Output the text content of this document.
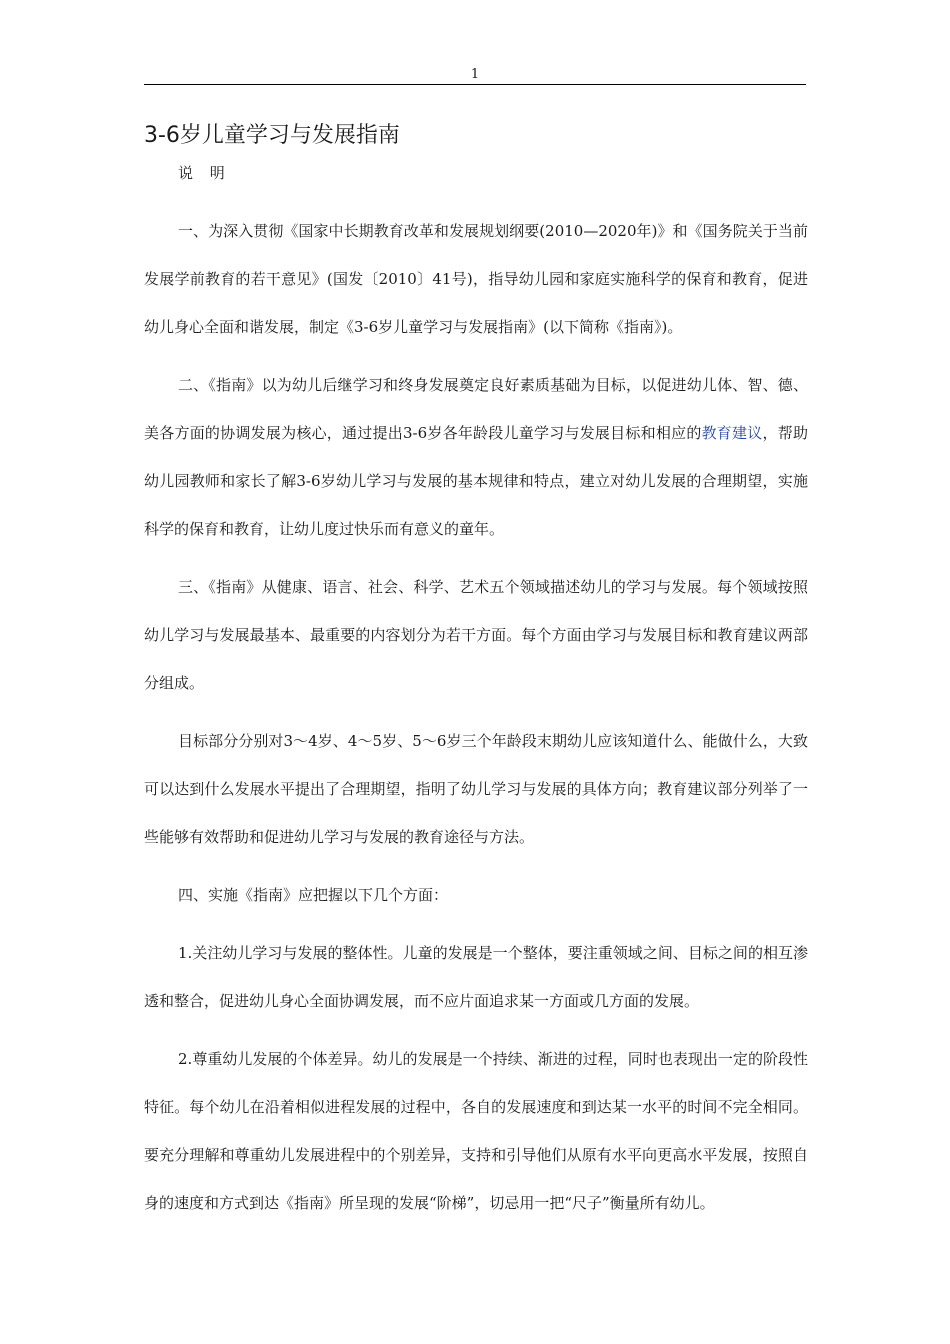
1
3-6岁儿童学习与发展指南
说 明

一、为深入贯彻《国家中长期教育改革和发展规划纲要(2010—2020年)》和《国务院关于当前发展学前教育的若干意见》(国发〔2010〕41号)，指导幼儿园和家庭实施科学的保育和教育，促进幼儿身心全面和谐发展，制定《3-6岁儿童学习与发展指南》(以下简称《指南》)。

二、《指南》以为幼儿后继学习和终身发展奠定良好素质基础为目标，以促进幼儿体、智、德、美各方面的协调发展为核心，通过提出3-6岁各年龄段儿童学习与发展目标和相应的教育建议，帮助幼儿园教师和家长了解3-6岁幼儿学习与发展的基本规律和特点，建立对幼儿发展的合理期望，实施科学的保育和教育，让幼儿度过快乐而有意义的童年。

三、《指南》从健康、语言、社会、科学、艺术五个领域描述幼儿的学习与发展。每个领域按照幼儿学习与发展最基本、最重要的内容划分为若干方面。每个方面由学习与发展目标和教育建议两部分组成。

目标部分分别对3～4岁、4～5岁、5～6岁三个年龄段末期幼儿应该知道什么、能做什么，大致可以达到什么发展水平提出了合理期望，指明了幼儿学习与发展的具体方向；教育建议部分列举了一些能够有效帮助和促进幼儿学习与发展的教育途径与方法。

四、实施《指南》应把握以下几个方面：

1.关注幼儿学习与发展的整体性。儿童的发展是一个整体，要注重领域之间、目标之间的相互渗透和整合，促进幼儿身心全面协调发展，而不应片面追求某一方面或几方面的发展。

2.尊重幼儿发展的个体差异。幼儿的发展是一个持续、渐进的过程，同时也表现出一定的阶段性特征。每个幼儿在沿着相似进程发展的过程中，各自的发展速度和到达某一水平的时间不完全相同。要充分理解和尊重幼儿发展进程中的个别差异，支持和引导他们从原有水平向更高水平发展，按照自身的速度和方式到达《指南》所呈现的发展“阶梯”，切忌用一把“尺子”衡量所有幼儿。
